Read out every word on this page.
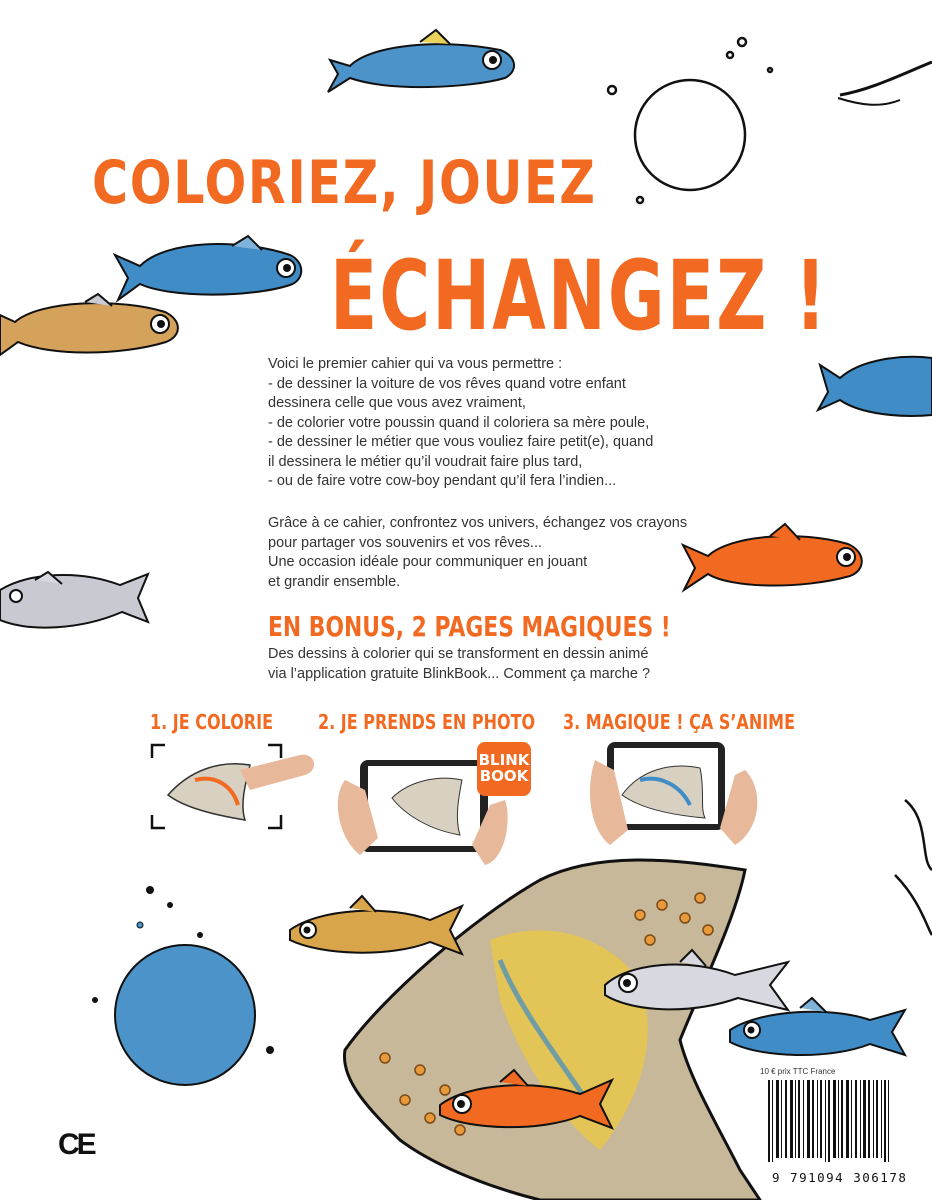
COLORIEZ, JOUEZ
ÉCHANGEZ !
Voici le premier cahier qui va vous permettre :
- de dessiner la voiture de vos rêves quand votre enfant
dessinera celle que vous avez vraiment,
- de colorier votre poussin quand il coloriera sa mère poule,
- de dessiner le métier que vous vouliez faire petit(e), quand
il dessinera le métier qu’il voudrait faire plus tard,
- ou de faire votre cow-boy pendant qu’il fera l’indien...
Grâce à ce cahier, confrontez vos univers, échangez vos crayons
pour partager vos souvenirs et vos rêves...
Une occasion idéale pour communiquer en jouant
et grandir ensemble.
EN BONUS, 2 PAGES MAGIQUES !
Des dessins à colorier qui se transforment en dessin animé
via l’application gratuite BlinkBook... Comment ça marche ?
1. JE COLORIE 2. JE PRENDS EN PHOTO 3. MAGIQUE ! ÇA S’ANIME
BLINK
BOOK
10 € prix TTC France
9 791094 306178
CE
